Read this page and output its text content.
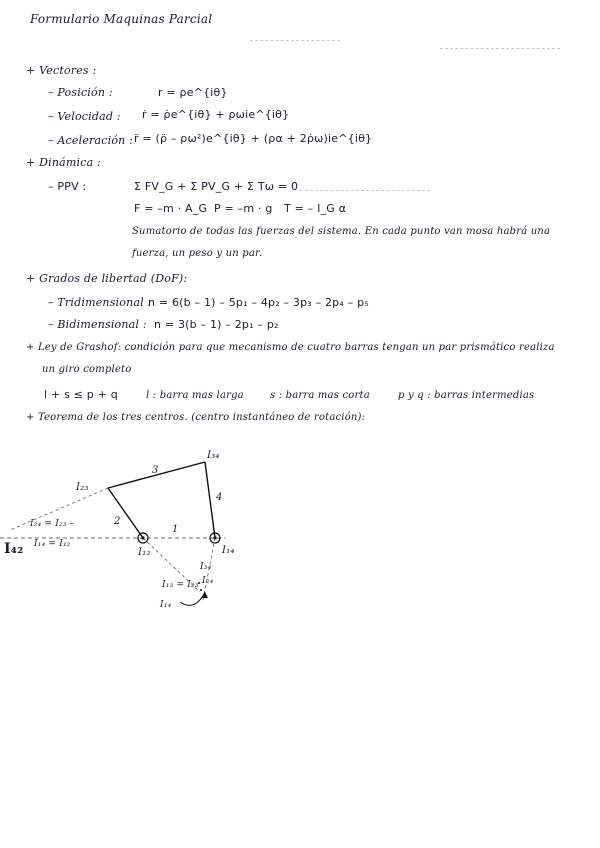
Formulario Maquinas Parcial
+ Vectores :
– Posición :	r = ρe^{iθ}
– Velocidad : ṙ = ρ̇e^{iθ} + ρωie^{iθ}
– Aceleración : r̈ = (ρ̈ – ρω²)e^{iθ} + (ρα + 2ρ̇ω)ie^{iθ}
+ Dinámica :
– PPV :	Σ FV_G + Σ PV_G + Σ Tω = 0
F = –m · A_G P = –m · g T = – I_G α
Sumatorio de todas las fuerzas del sistema. En cada punto van mosa habrá una
fuerza, un peso y un par.
+ Grados de libertad (DoF):
– Tridimensional :
n = 6(b – 1) – 5p₁ – 4p₂ – 3p₃ – 2p₄ – p₅
– Bidimensional : n = 3(b – 1) – 2p₁ – p₂
+ Ley de Grashof: condición para que mecanismo de cuatro barras tengan un par prismático realiza
un giro completo
l + s ≤ p + q	l : barra mas larga	s : barra mas corta	p y q : barras intermedias
+ Teorema de los tres centros. (centro instantáneo de rotación):
3
4
2
1
I₂₃
I₃₄
I₁₂	I₁₄
I₂₄ = I₂₃ –
I₁₄ = I₁₂
I₄₂
I₁₃ = I₂₃
I₃₄
I₂₄
I₁₄
